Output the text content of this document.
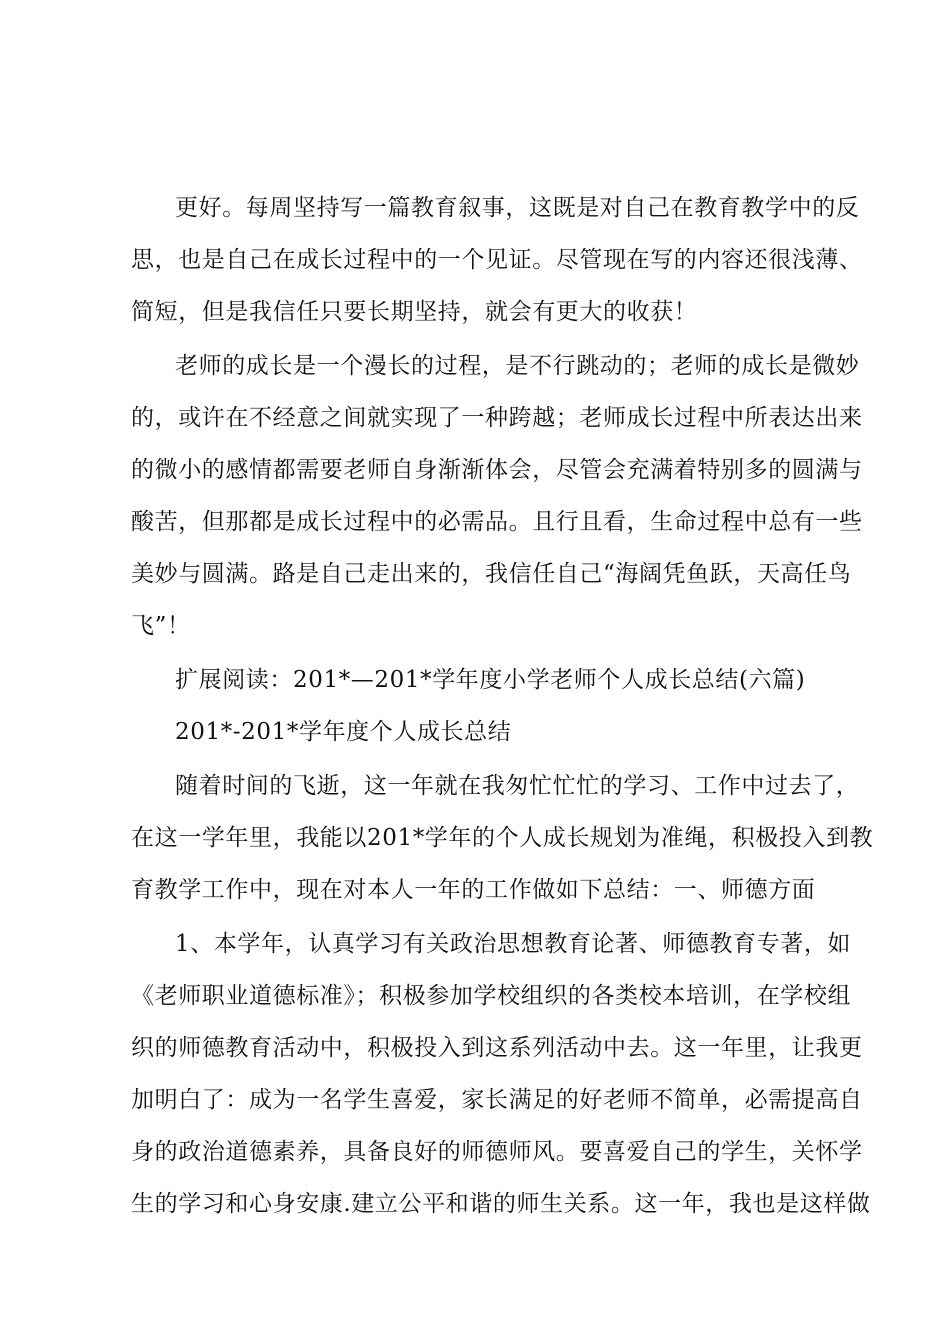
更好。每周坚持写一篇教育叙事，这既是对自己在教育教学中的反
思，也是自己在成长过程中的一个见证。尽管现在写的内容还很浅薄、
简短，但是我信任只要长期坚持，就会有更大的收获！
老师的成长是一个漫长的过程，是不行跳动的；老师的成长是微妙
的，或许在不经意之间就实现了一种跨越；老师成长过程中所表达出来
的微小的感情都需要老师自身渐渐体会，尽管会充满着特别多的圆满与
酸苦，但那都是成长过程中的必需品。且行且看，生命过程中总有一些
美妙与圆满。路是自己走出来的，我信任自己“海阔凭鱼跃，天高任鸟
飞”！
扩展阅读：201*—201*学年度小学老师个人成长总结(六篇)
201*-201*学年度个人成长总结
随着时间的飞逝，这一年就在我匆忙忙忙的学习、工作中过去了，
在这一学年里，我能以201*学年的个人成长规划为准绳，积极投入到教
育教学工作中，现在对本人一年的工作做如下总结：一、师德方面
1、本学年，认真学习有关政治思想教育论著、师德教育专著，如
《老师职业道德标准》；积极参加学校组织的各类校本培训，在学校组
织的师德教育活动中，积极投入到这系列活动中去。这一年里，让我更
加明白了：成为一名学生喜爱，家长满足的好老师不简单，必需提高自
身的政治道德素养，具备良好的师德师风。要喜爱自己的学生，关怀学
生的学习和心身安康.建立公平和谐的师生关系。这一年，我也是这样做
